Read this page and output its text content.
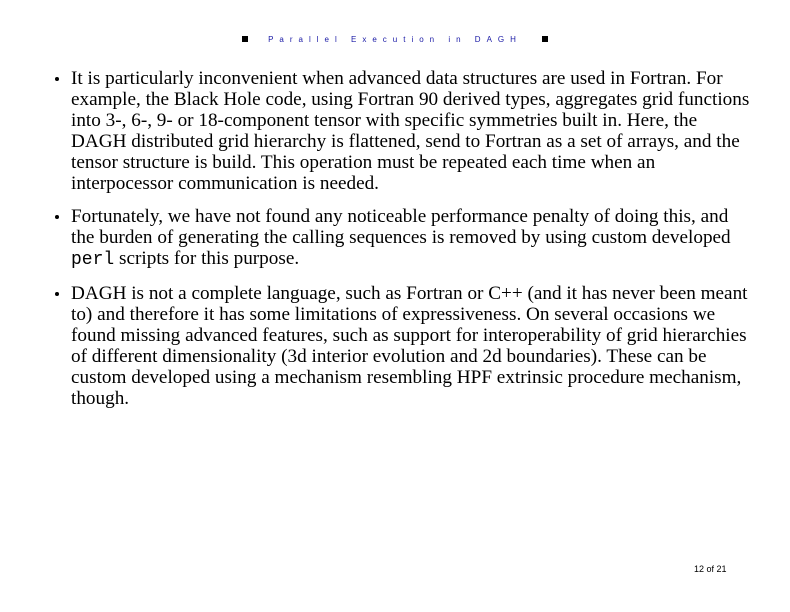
Parallel Execution in DAGH
It is particularly inconvenient when advanced data structures are used in Fortran. For example, the Black Hole code, using Fortran 90 derived types, aggregates grid functions into 3-, 6-, 9- or 18-component tensor with specific symmetries built in. Here, the DAGH distributed grid hierarchy is flattened, send to Fortran as a set of arrays, and the tensor structure is build. This operation must be repeated each time when an interpocessor communication is needed.
Fortunately, we have not found any noticeable performance penalty of doing this, and the burden of generating the calling sequences is removed by using custom developed perl scripts for this purpose.
DAGH is not a complete language, such as Fortran or C++ (and it has never been meant to) and therefore it has some limitations of expressiveness. On several occasions we found missing advanced features, such as support for interoperability of grid hierarchies of different dimensionality (3d interior evolution and 2d boundaries). These can be custom developed using a mechanism resembling HPF extrinsic procedure mechanism, though.
12 of 21
